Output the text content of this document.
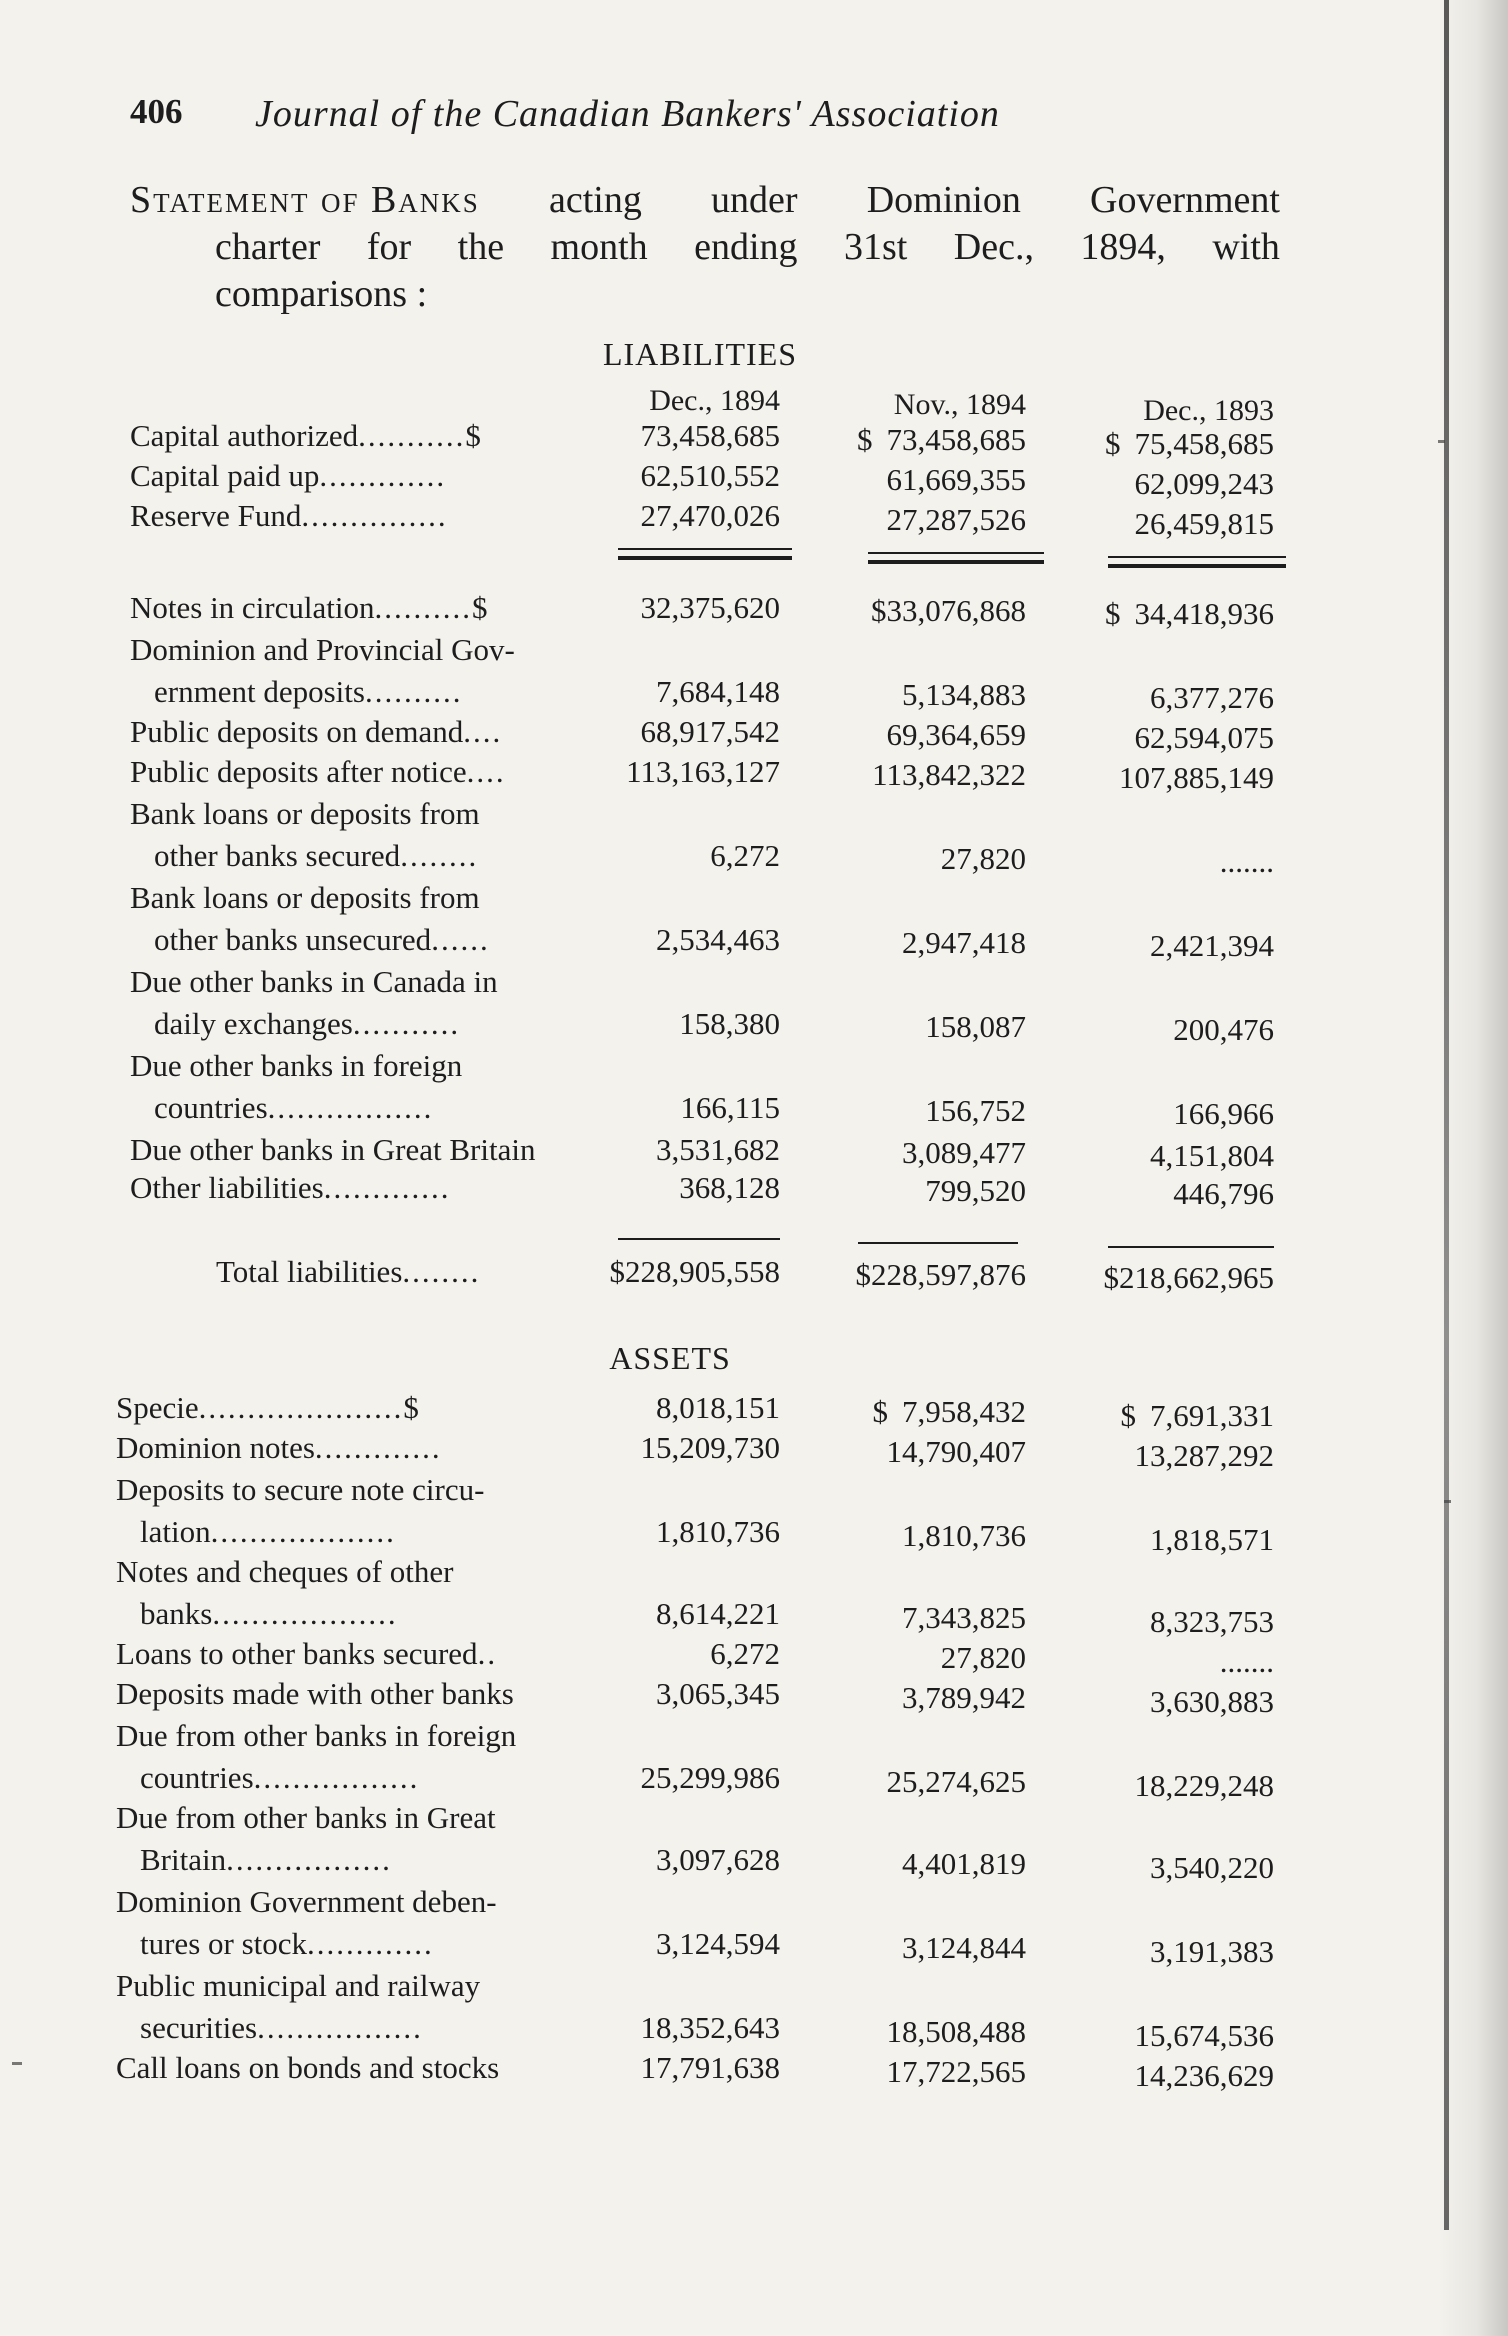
406 Journal of the Canadian Bankers' Association
Statement of Banks acting under Dominion Government
charter for the month ending 31st Dec., 1894, with
comparisons :
LIABILITIES
Dec., 1894	Nov., 1894	Dec., 1893
Capital authorized...........$	73,458,685	$ 73,458,685	$ 75,458,685
Capital paid up.............	62,510,552	61,669,355	62,099,243
Reserve Fund...............	27,470,026	27,287,526	26,459,815
Notes in circulation..........$	32,375,620	$33,076,868	$ 34,418,936
Dominion and Provincial Gov-
ernment deposits..........	7,684,148	5,134,883	6,377,276
Public deposits on demand....	68,917,542	69,364,659	62,594,075
Public deposits after notice....	113,163,127	113,842,322	107,885,149
Bank loans or deposits from
other banks secured........	6,272	27,820	.......
Bank loans or deposits from
other banks unsecured......	2,534,463	2,947,418	2,421,394
Due other banks in Canada in
daily exchanges...........	158,380	158,087	200,476
Due other banks in foreign
countries.................	166,115	156,752	166,966
Due other banks in Great Britain	3,531,682	3,089,477	4,151,804
Other liabilities.............	368,128	799,520	446,796
Total liabilities........	$228,905,558	$228,597,876	$218,662,965
Specie.....................$	8,018,151	$ 7,958,432	$ 7,691,331
Dominion notes.............	15,209,730	14,790,407	13,287,292
Deposits to secure note circu-
lation...................	1,810,736	1,810,736	1,818,571
Notes and cheques of other
banks...................	8,614,221	7,343,825	8,323,753
Loans to other banks secured..	6,272	27,820	.......
Deposits made with other banks	3,065,345	3,789,942	3,630,883
Due from other banks in foreign
countries.................	25,299,986	25,274,625	18,229,248
Due from other banks in Great
Britain.................	3,097,628	4,401,819	3,540,220
Dominion Government deben-
tures or stock.............	3,124,594	3,124,844	3,191,383
Public municipal and railway
securities.................	18,352,643	18,508,488	15,674,536
Call loans on bonds and stocks	17,791,638	17,722,565	14,236,629
ASSETS
